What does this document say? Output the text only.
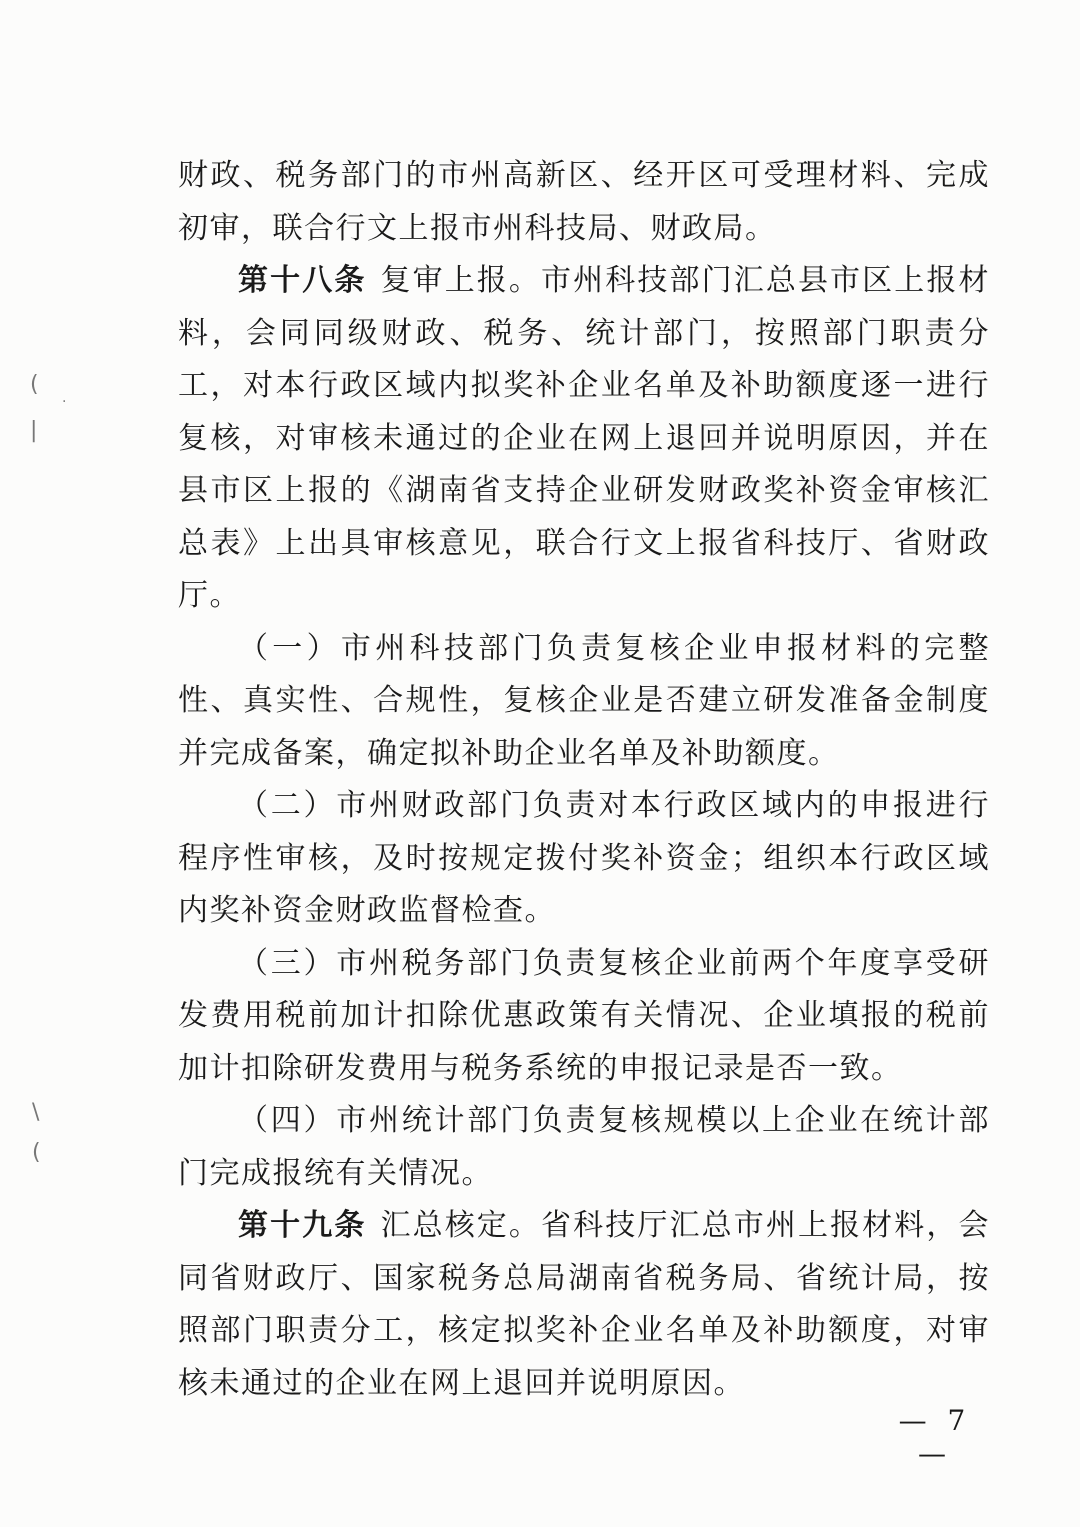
(
·
|
\
(

财政、税务部门的市州高新区、经开区可受理材料、完成初审，联合行文上报市州科技局、财政局。

第十八条 复审上报。市州科技部门汇总县市区上报材料，会同同级财政、税务、统计部门，按照部门职责分工，对本行政区域内拟奖补企业名单及补助额度逐一进行复核，对审核未通过的企业在网上退回并说明原因，并在县市区上报的《湖南省支持企业研发财政奖补资金审核汇总表》上出具审核意见，联合行文上报省科技厅、省财政厅。

（一）市州科技部门负责复核企业申报材料的完整性、真实性、合规性，复核企业是否建立研发准备金制度并完成备案，确定拟补助企业名单及补助额度。

（二）市州财政部门负责对本行政区域内的申报进行程序性审核，及时按规定拨付奖补资金；组织本行政区域内奖补资金财政监督检查。

（三）市州税务部门负责复核企业前两个年度享受研发费用税前加计扣除优惠政策有关情况、企业填报的税前加计扣除研发费用与税务系统的申报记录是否一致。

（四）市州统计部门负责复核规模以上企业在统计部门完成报统有关情况。

第十九条 汇总核定。省科技厅汇总市州上报材料，会同省财政厅、国家税务总局湖南省税务局、省统计局，按照部门职责分工，核定拟奖补企业名单及补助额度，对审核未通过的企业在网上退回并说明原因。

— 7 —
